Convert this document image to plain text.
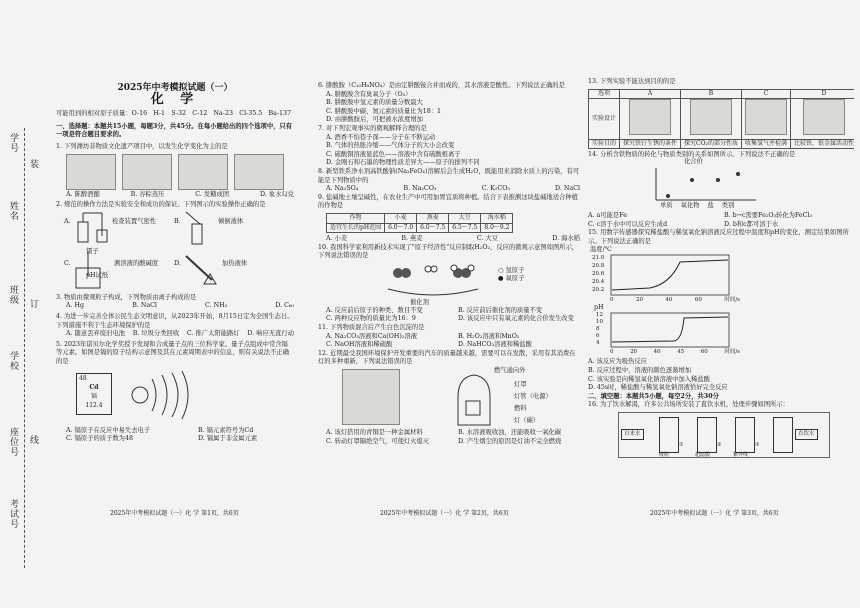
学号
姓名
班级
学校
座位号
考试号
装
订
线
2025年中考模拟试题（一）
化 学
可能用到的相对原子质量：O-16　H-1　S-32　C-12　Na-23　Cl-35.5　Ba-137
一、选择题：本题共15小题，每题3分，共45分。在每小题给出的四个选项中，只有一项是符合题目要求的。
1. 下列潍坊非物质文化遗产项目中，以发生化学变化为主的是
A. 陈醉酒酿	B. 谷粽蒸压	C. 发糖成团	D. 象水勾兑
2. 规范的操作方法是实验安全和成功的保证。下列图示的实验操作正确的是
A.	检查装置气密性	B.	倾倒液体
C.
镊子
pH试纸
测溶液的酸碱度	D.	加热液体
3. 物质由微观粒子构成，下列物质由离子构成的是
A. Hg	B. NaCl	C. NH₃	D. C₆₀
4. 为进一步完善全体公民生态文明意识，从2023年开始，8月15日定为全国生态日。下列措施不利于生态环境保护的是
A. 随意丢弃废旧电池 B. 垃圾分类回收 C. 推广太阳能路灯 D. 响应无直行动
5. 2023年诺贝尔化学奖授予发现和合成量子点的三位科学家。量子点组成中常含镉等元素。如图是镉的原子结构示意图及其在元素周期表中的信息，则有关说法不正确的是
48
Cd
镉
112.4
A. 镉原子在反应中易失去电子	B. 镉元素符号为Cd
C. 镉原子的质子数为48	D. 镉属于非金属元素
2025年中考模拟试题（一）化 学 第1页，共6页
6. 肼酸胺（C₁₀H₈NO₄）是由定肼酸铵合并而成的，其水溶液是酸性。下列说法正确的是
A. 肼酸胺含有臭氧分子（O₃）
B. 肼酸胺中氢元素的质量分数最大
C. 肼酸胺中碳、氮元素的质量比为18：1
D. 由肼酸胺后，可把被水浓度增加
7. 对下列宏观事实的微观解释合理的是
A. 酒香不怕巷子深——分子在不断运动
B. 气体的热胀冷缩——气体分子的大小会改变
C. 硫酸铜溶液显蓝色——溶液中含有硫酸根离子
D. 金刚石和石墨的物理性质差异大——原子的排列不同
8. 新型铁系净水剂高铁酸钠(Na₂FeO₄)溶解后会生成H₂O，既能用来消除水质上的污染，有可能是下列物质中的
A. Na₂SO₄	B. Na₂CO₃	C. K₂CO₃	D. NaCl
9. 盐碱地土壤呈碱性，在农业生产中可用加胃宜质将种植。结合下表推测这块盐碱地适合种植的作物是
作物	小麦	燕麦	大豆	海水稻
适宜生长的pH范围	6.0～7.0	6.0～7.5	6.5～7.5	8.0～9.2
A. 小麦	B. 燕麦	C. 大豆	D. 海水稻
10. 我国科学家利用新技术实现了"原子经济性"反应制取H₂O₂，反应的微观示意图如图所示，下列说法错误的是
催化剂
○ 氢原子
● 氧原子
A. 反应前后原子的种类、数目不变	B. 反应前后催化剂的质量不变
C. 两种反应物的质量比为16：9	D. 该反应中只有氧元素的化合价发生改变
11. 下列物质混合后产生白色沉淀的是
A. Na₂CO₃溶液和Ca(OH)₂溶液	B. H₂O₂溶液和MnO₂
C. NaOH溶液和稀硫酸	D. NaHCO₃溶液和稀盐酸
12. 近期最受我国环境保护开发重要的汽车的质量越来越，需要可以在发散，采用有其消费在灯的多种重新，下列说法错误的是
燃气通向外
灯罩
灯管（电源）
燃料
灯（碳）
A. 该灯搭用的青铜是一种金属材料	B. 水溶液吸收浊，还能吸收一氧化碳
C. 转动灯罩隔绝空气，可使灯火熄灭	D. 产生烟尘的原因是灯油不完全燃烧
2025年中考模拟试题（一）化 学 第2页，共6页
13. 下列实验不能达到目的的是
选项	A	B	C	D
实验设计				
实验目的	探究铁钉生锈的条件	探究CO₂的部分性质	收集氢气并检满	比较铁、银金属活动性
14. 分析含铁物质的转化与物质类别的关系如图所示。下列说法不正确的是
化合价
单质 氧化物 盐 类别
A. a可能是Fe	B. b→c需要Fe₂O₃转化为FeCl₃
C. c溶于水中可以反应生成d	D. b和c都可溶于水
15. 用数字传感器探究稀盐酸与稀氢氧化钠溶液反应过程中温度和pH的变化，测定结果如图所示。下列说法正确的是
温度/℃
21.0
20.8
20.6
20.4
20.2
0	20	40	60	时间/s
pH
12
10
8
6
4
0	20	40	45	60	时间/s
A. 该反应为吸热反应
B. 反应过程中，溶液的颜色逐渐增加
C. 该实验是向稀氢氧化钠溶液中加入稀盐酸
D. 45s时，稀盐酸与稀氢氧化钠溶液恰好完全反应
二、填空题：本题共5小题，每空2分，共30分
16. 为了饮水解渴，许多公共场所安装了直饮水机，处理步骤如图所示：
自来水	直饮水
①	②	③
吸附	超滤膜	紫外线
2025年中考模拟试题（一）化 学 第3页，共6页
